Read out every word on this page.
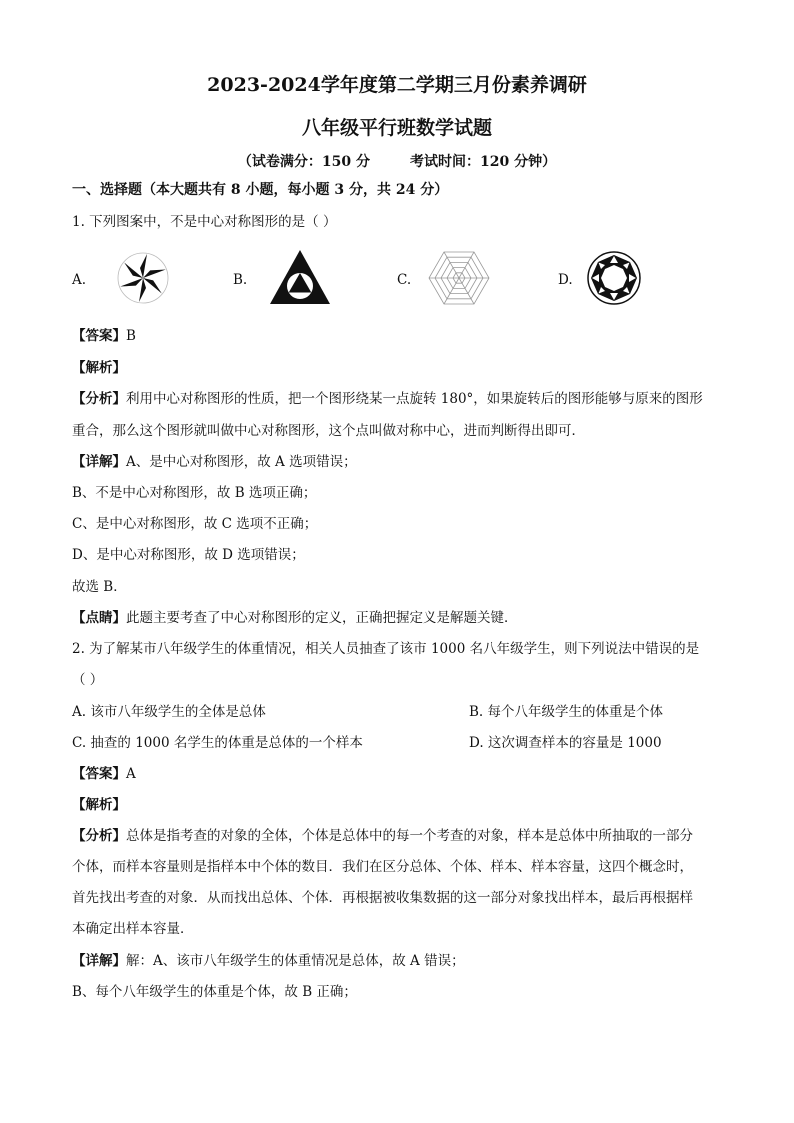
2023-2024学年度第二学期三月份素养调研
八年级平行班数学试题
（试卷满分：150 分	考试时间：120 分钟）
一、选择题（本大题共有 8 小题，每小题 3 分，共 24 分）
1. 下列图案中，不是中心对称图形的是（ ）
A.	B.	C.	D.
【答案】B
【解析】
【分析】利用中心对称图形的性质，把一个图形绕某一点旋转 180°，如果旋转后的图形能够与原来的图形
重合，那么这个图形就叫做中心对称图形，这个点叫做对称中心，进而判断得出即可．
【详解】A、是中心对称图形，故 A 选项错误；
B、不是中心对称图形，故 B 选项正确；
C、是中心对称图形，故 C 选项不正确；
D、是中心对称图形，故 D 选项错误；
故选 B．
【点睛】此题主要考查了中心对称图形的定义，正确把握定义是解题关键．
2. 为了解某市八年级学生的体重情况，相关人员抽查了该市 1000 名八年级学生，则下列说法中错误的是
（ ）
A. 该市八年级学生的全体是总体	B. 每个八年级学生的体重是个体
C. 抽查的 1000 名学生的体重是总体的一个样本	D. 这次调查样本的容量是 1000
【答案】A
【解析】
【分析】总体是指考查的对象的全体，个体是总体中的每一个考查的对象，样本是总体中所抽取的一部分
个体，而样本容量则是指样本中个体的数目．我们在区分总体、个体、样本、样本容量，这四个概念时，
首先找出考查的对象．从而找出总体、个体．再根据被收集数据的这一部分对象找出样本，最后再根据样
本确定出样本容量．
【详解】解：A、该市八年级学生的体重情况是总体，故 A 错误；
B、每个八年级学生的体重是个体，故 B 正确；
